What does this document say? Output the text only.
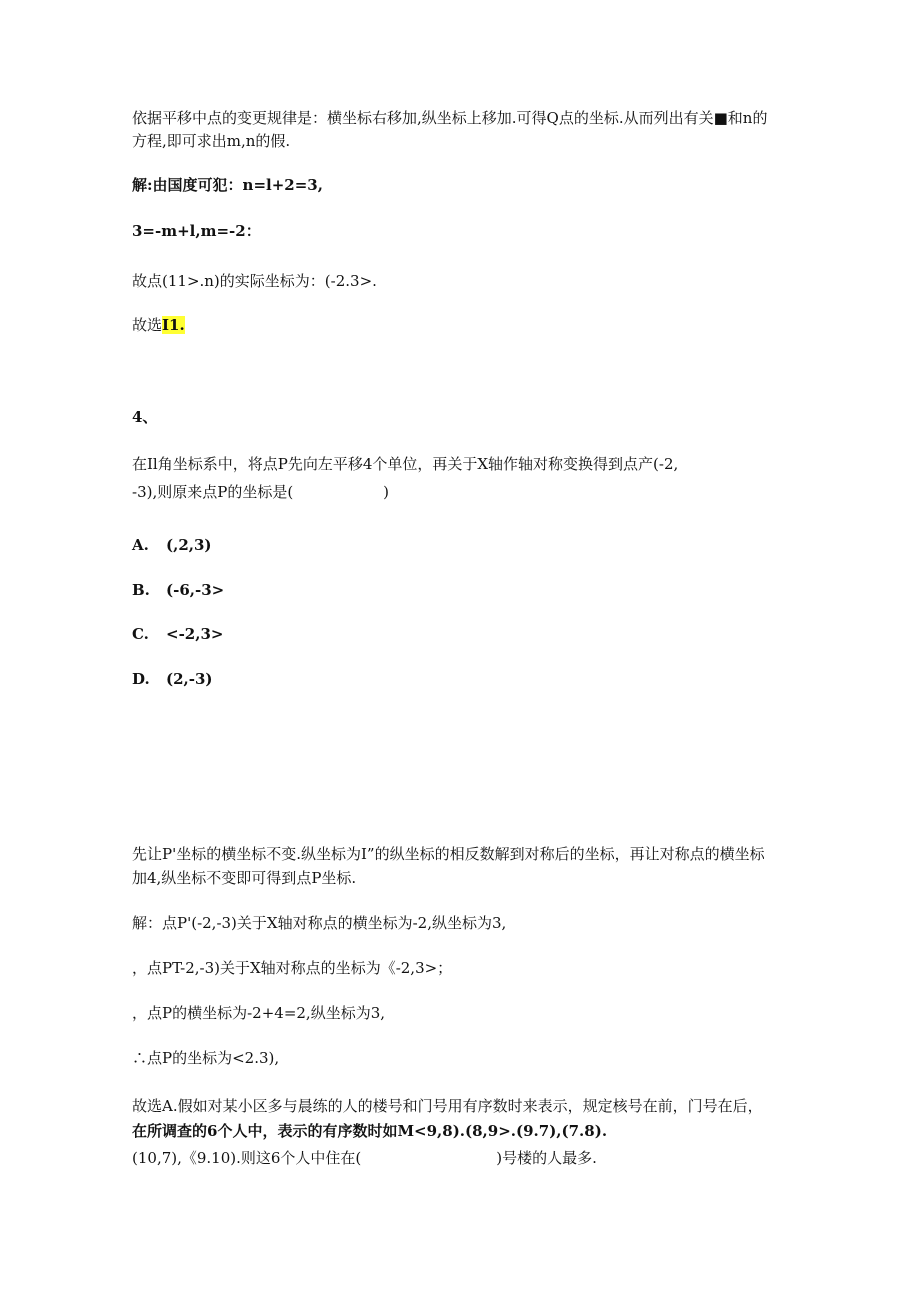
依据平移中点的变更规律是：横坐标右移加,纵坐标上移加.可得Q点的坐标.从而列出有关■和n的
方程,即可求出m,n的假.
解:由国度可犯：n=l+2=3,
3=-m+l,m=-2：
故点(11>.n)的实际坐标为：(-2.3>.
故选I1.
4、
在Il角坐标系中，将点P先向左平移4个单位，再关于X轴作轴对称变换得到点产(-2,
-3),则原来点P的坐标是(　　　　　　)
A. (,2,3)
B. (-6,-3>
C. <-2,3>
D. (2,-3)
先让P'坐标的横坐标不变.纵坐标为I”的纵坐标的相反数解到对称后的坐标，再让对称点的横坐标
加4,纵坐标不变即可得到点P坐标.
解：点P'(-2,-3)关于X轴对称点的横坐标为-2,纵坐标为3,
，点PT-2,-3)关于X轴对称点的坐标为《-2,3>；
，点P的横坐标为-2+4=2,纵坐标为3,
∴点P的坐标为<2.3),
故选A.假如对某小区多与晨练的人的楼号和门号用有序数时来表示，规定核号在前，门号在后，
在所调查的6个人中，表示的有序数时如M<9,8).(8,9>.(9.7),(7.8).
(10,7),《9.10).则这6个人中住在(　　　　　　　　　)号楼的人最多.
